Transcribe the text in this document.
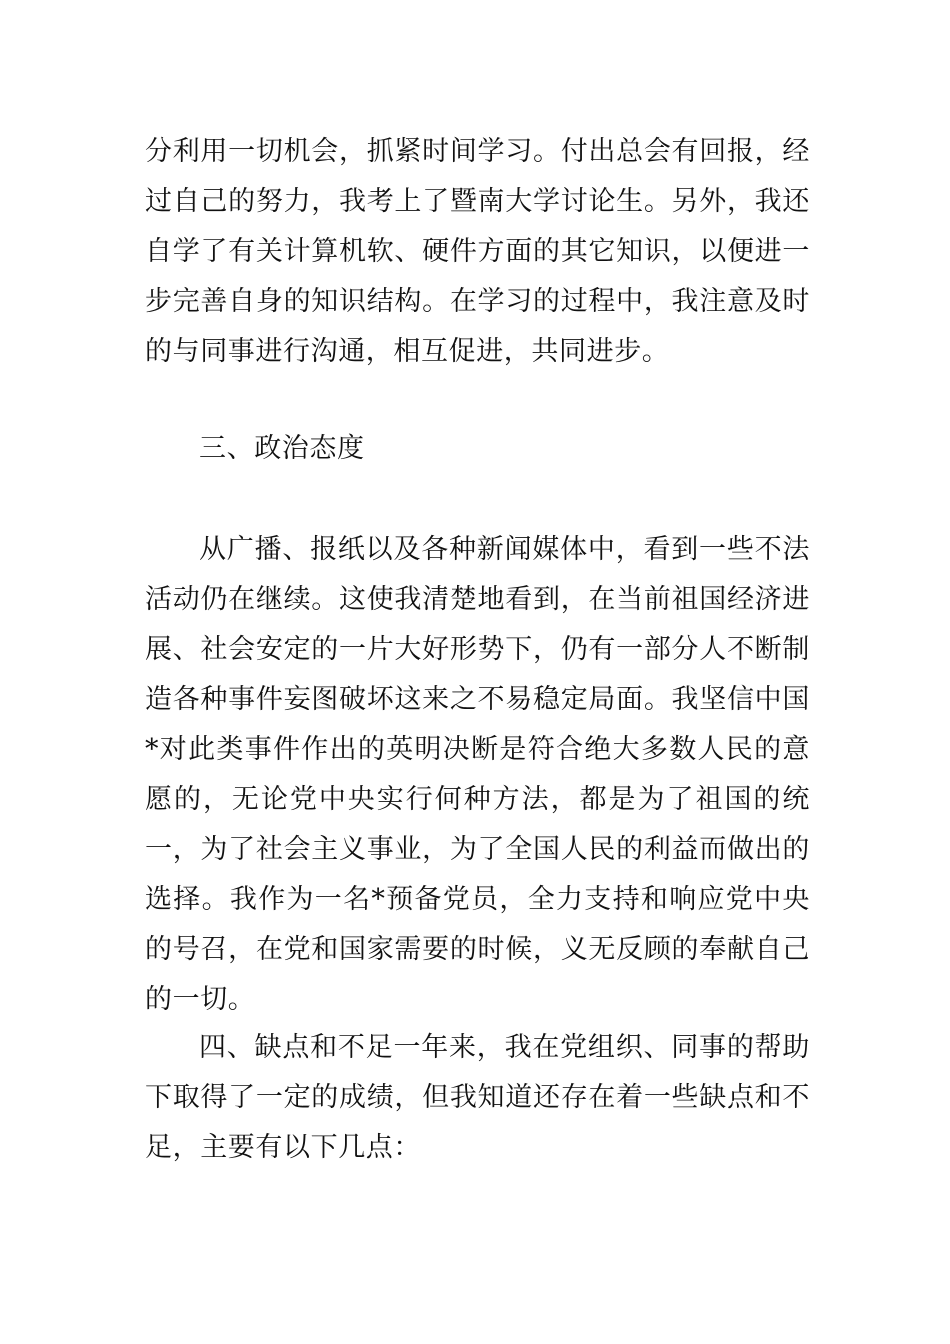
分利用一切机会，抓紧时间学习。付出总会有回报，经过自己的努力，我考上了暨南大学讨论生。另外，我还自学了有关计算机软、硬件方面的其它知识，以便进一步完善自身的知识结构。在学习的过程中，我注意及时的与同事进行沟通，相互促进，共同进步。

三、政治态度

从广播、报纸以及各种新闻媒体中，看到一些不法活动仍在继续。这使我清楚地看到，在当前祖国经济进展、社会安定的一片大好形势下，仍有一部分人不断制造各种事件妄图破坏这来之不易稳定局面。我坚信中国*对此类事件作出的英明决断是符合绝大多数人民的意愿的，无论党中央实行何种方法，都是为了祖国的统一，为了社会主义事业，为了全国人民的利益而做出的选择。我作为一名*预备党员，全力支持和响应党中央的号召，在党和国家需要的时候，义无反顾的奉献自己的一切。

四、缺点和不足一年来，我在党组织、同事的帮助下取得了一定的成绩，但我知道还存在着一些缺点和不足，主要有以下几点：
